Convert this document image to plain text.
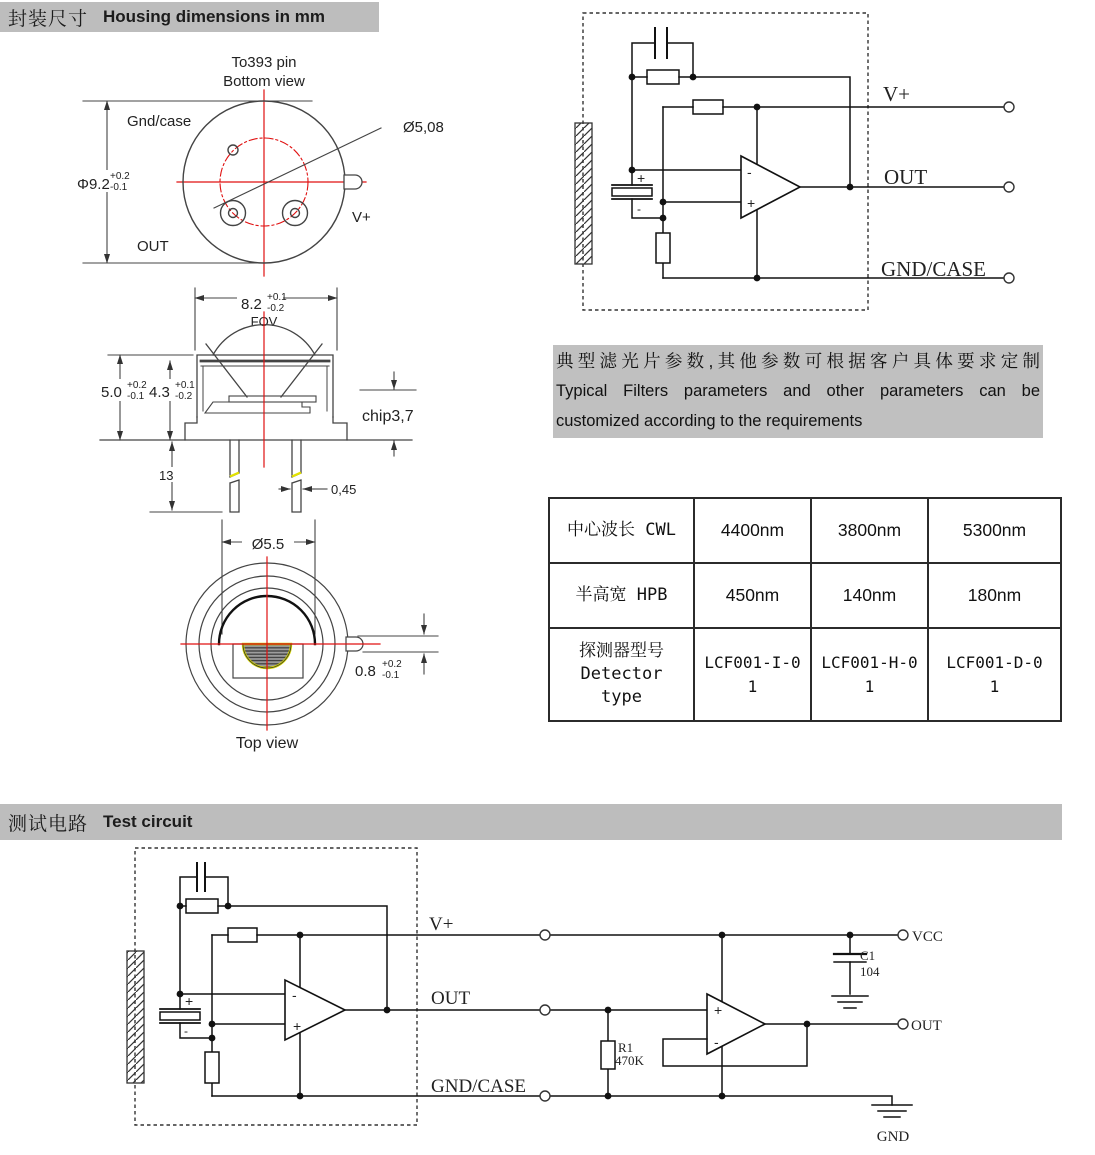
封装尺寸 Housing dimensions in mm
To393 pin
Bottom view
Ø5,08
Φ9.2 +0.2
-0.1
Gnd/case
OUT
V+
8.2 +0.1
-0.2
FOV
5.0 +0.2
-0.1 4.3 +0.1
-0.2
chip3,7
13
0,45
Ø5.5
0.8 +0.2
-0.1
Top view
+
-
-
+
V+
OUT
GND/CASE
典型滤光片参数,其他参数可根据客户具体要求定制
Typical Filters parameters and other parameters can be
customized according to the requirements
中心波长 CWL	4400nm	3800nm	5300nm

半高宽 HPB	450nm	140nm	180nm

探测器型号
Detector
type	LCF001-I-01	LCF001-H-01	LCF001-D-01
测试电路 Test circuit
+
-
-
+
+
-
V+
OUT
GND/CASE
R1
470K
C1
104
VCC
OUT
GND
